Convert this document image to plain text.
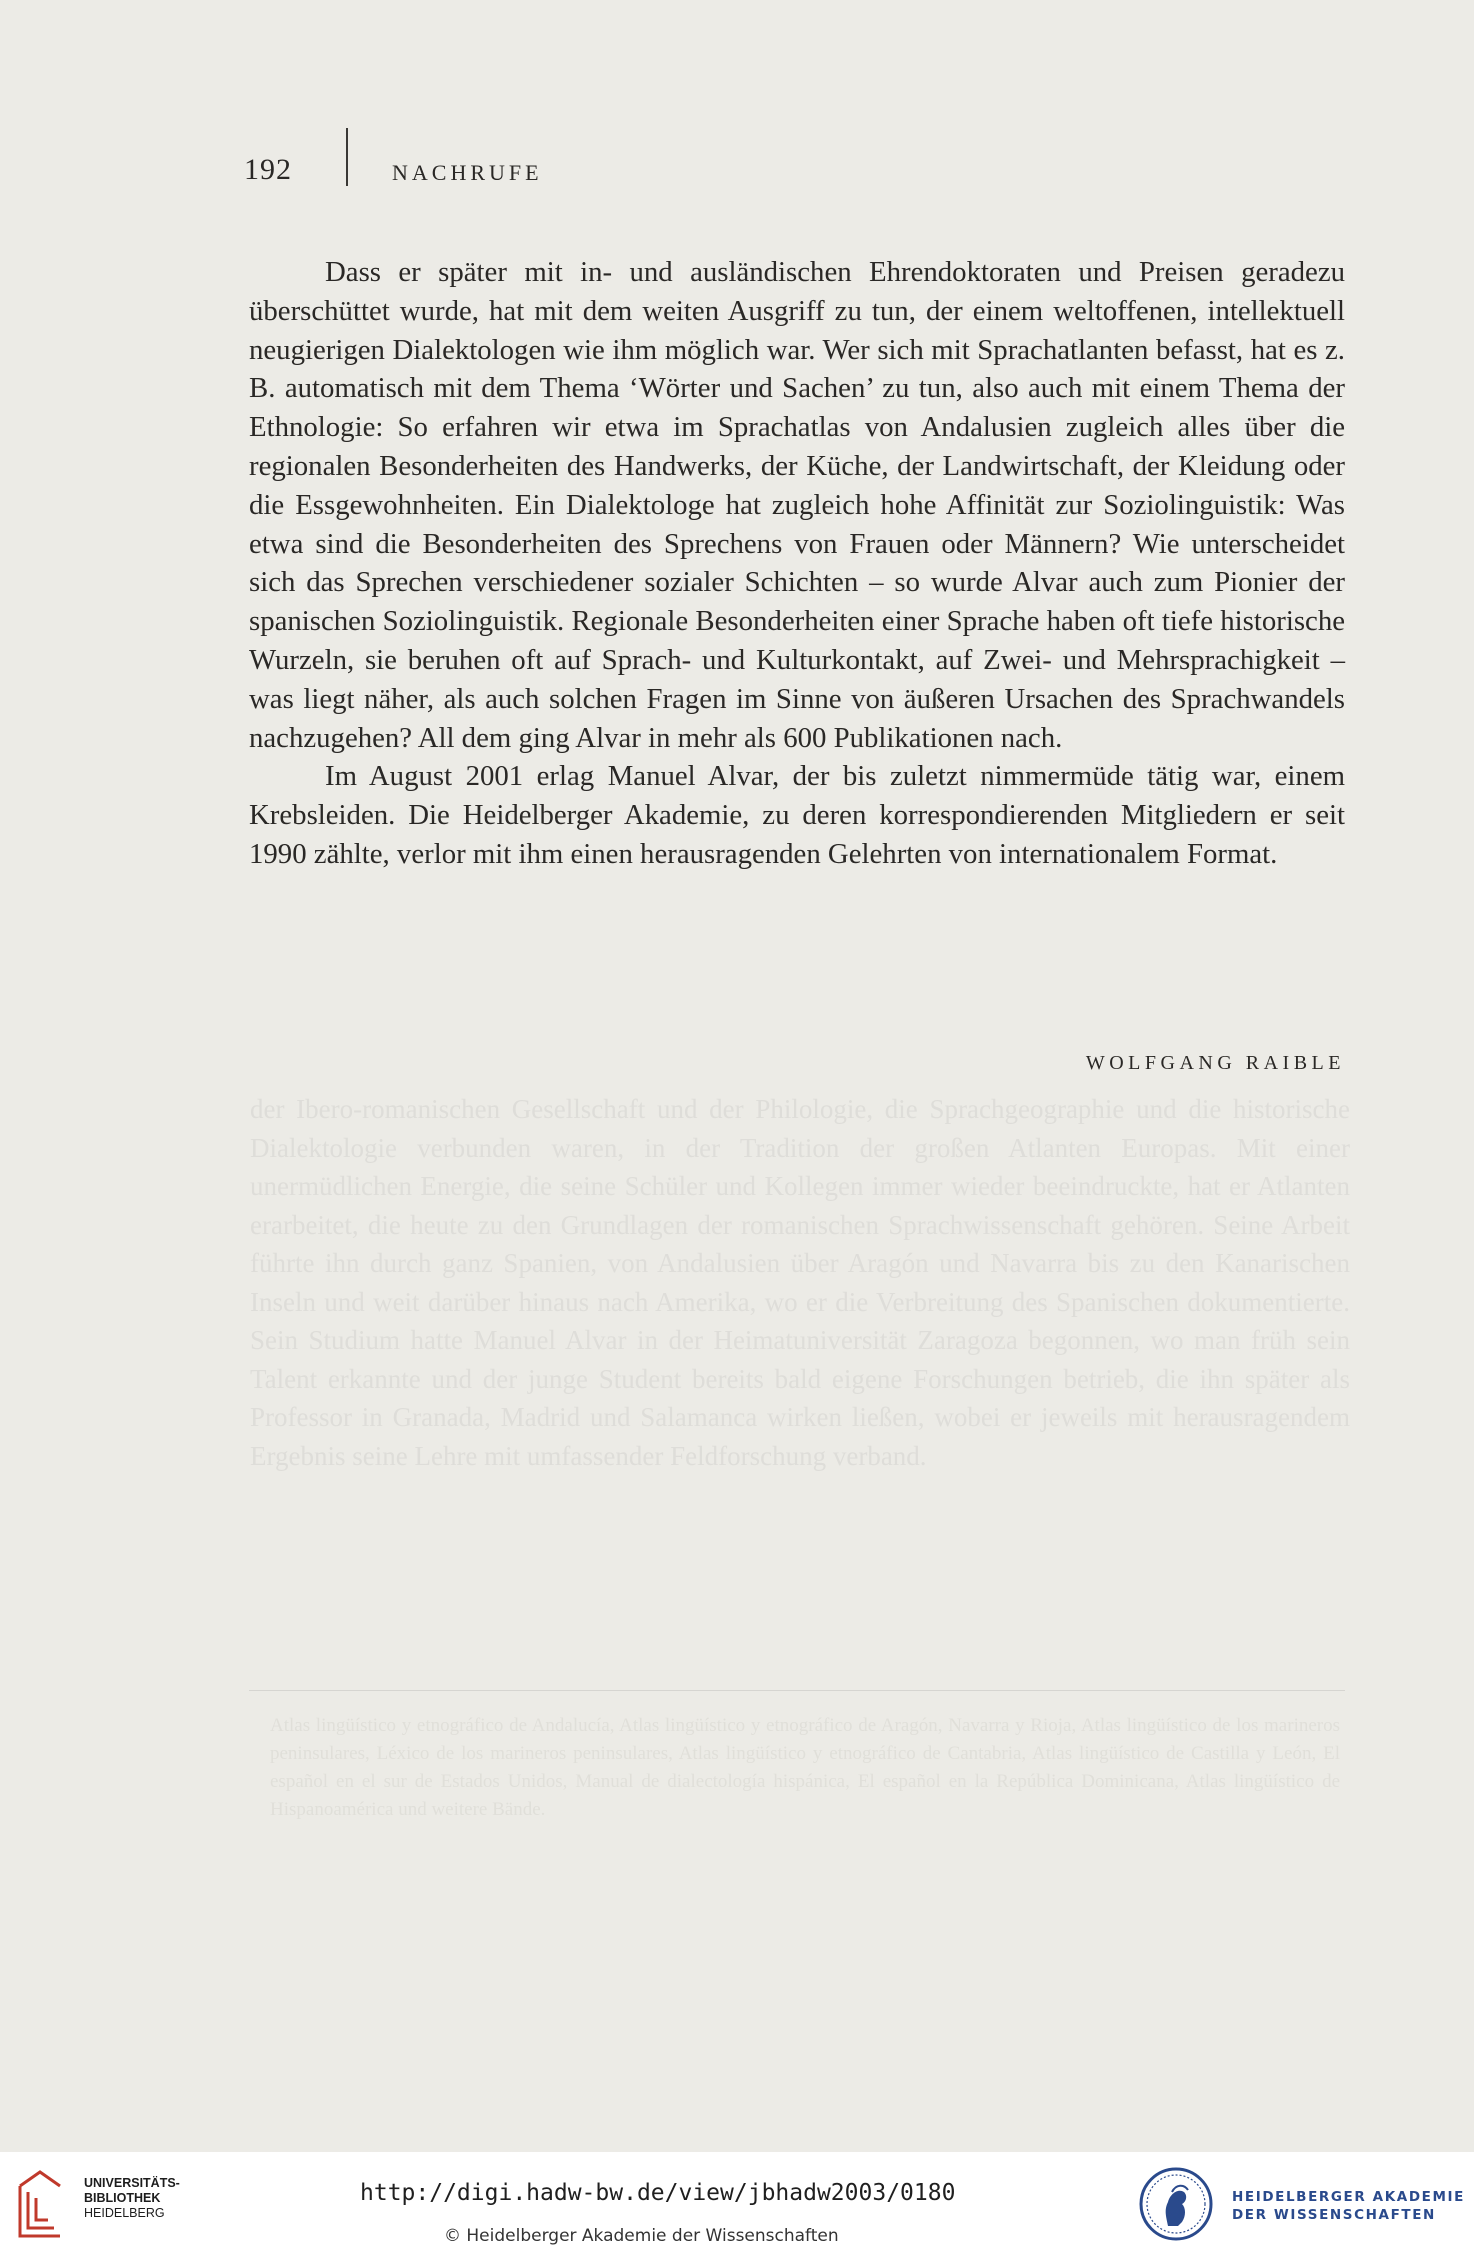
192	NACHRUFE

Dass er später mit in- und ausländischen Ehrendoktoraten und Preisen geradezu überschüttet wurde, hat mit dem weiten Ausgriff zu tun, der einem weltoffenen, intellektuell neugierigen Dialektologen wie ihm möglich war. Wer sich mit Sprachatlanten befasst, hat es z. B. automatisch mit dem Thema ‘Wörter und Sachen’ zu tun, also auch mit einem Thema der Ethnologie: So erfahren wir etwa im Sprachatlas von Andalusien zugleich alles über die regionalen Besonderheiten des Handwerks, der Küche, der Landwirtschaft, der Kleidung oder die Essgewohnheiten. Ein Dialektologe hat zugleich hohe Affinität zur Soziolinguistik: Was etwa sind die Besonderheiten des Sprechens von Frauen oder Männern? Wie unterscheidet sich das Sprechen verschiedener sozialer Schichten – so wurde Alvar auch zum Pionier der spanischen Soziolinguistik. Regionale Besonderheiten einer Sprache haben oft tiefe historische Wurzeln, sie beruhen oft auf Sprach- und Kulturkontakt, auf Zwei- und Mehrsprachigkeit – was liegt näher, als auch solchen Fragen im Sinne von äußeren Ursachen des Sprachwandels nachzugehen? All dem ging Alvar in mehr als 600 Publikationen nach.

Im August 2001 erlag Manuel Alvar, der bis zuletzt nimmermüde tätig war, einem Krebsleiden. Die Heidelberger Akademie, zu deren korrespondierenden Mitgliedern er seit 1990 zählte, verlor mit ihm einen herausragenden Gelehrten von internationalem Format.

WOLFGANG RAIBLE
der Ibero-romanischen Gesellschaft und der Philologie, die Sprachgeographie und die historische Dialektologie verbunden waren, in der Tradition der großen Atlanten Europas. Mit einer unermüdlichen Energie, die seine Schüler und Kollegen immer wieder beeindruckte, hat er Atlanten erarbeitet, die heute zu den Grundlagen der romanischen Sprachwissenschaft gehören. Seine Arbeit führte ihn durch ganz Spanien, von Andalusien über Aragón und Navarra bis zu den Kanarischen Inseln und weit darüber hinaus nach Amerika, wo er die Verbreitung des Spanischen dokumentierte. Sein Studium hatte Manuel Alvar in der Heimatuniversität Zaragoza begonnen, wo man früh sein Talent erkannte und der junge Student bereits bald eigene Forschungen betrieb, die ihn später als Professor in Granada, Madrid und Salamanca wirken ließen, wobei er jeweils mit herausragendem Ergebnis seine Lehre mit umfassender Feldforschung verband.
Atlas lingüístico y etnográfico de Andalucía, Atlas lingüístico y etnográfico de Aragón, Navarra y Rioja, Atlas lingüístico de los marineros peninsulares, Léxico de los marineros peninsulares, Atlas lingüístico y etnográfico de Cantabria, Atlas lingüístico de Castilla y León, El español en el sur de Estados Unidos, Manual de dialectología hispánica, El español en la República Dominicana, Atlas lingüístico de Hispanoamérica und weitere Bände.
UNIVERSITÄTS-
BIBLIOTHEK
HEIDELBERG
http://digi.hadw-bw.de/view/jbhadw2003/0180
© Heidelberger Akademie der Wissenschaften
HEIDELBERGER AKADEMIE
DER WISSENSCHAFTEN
